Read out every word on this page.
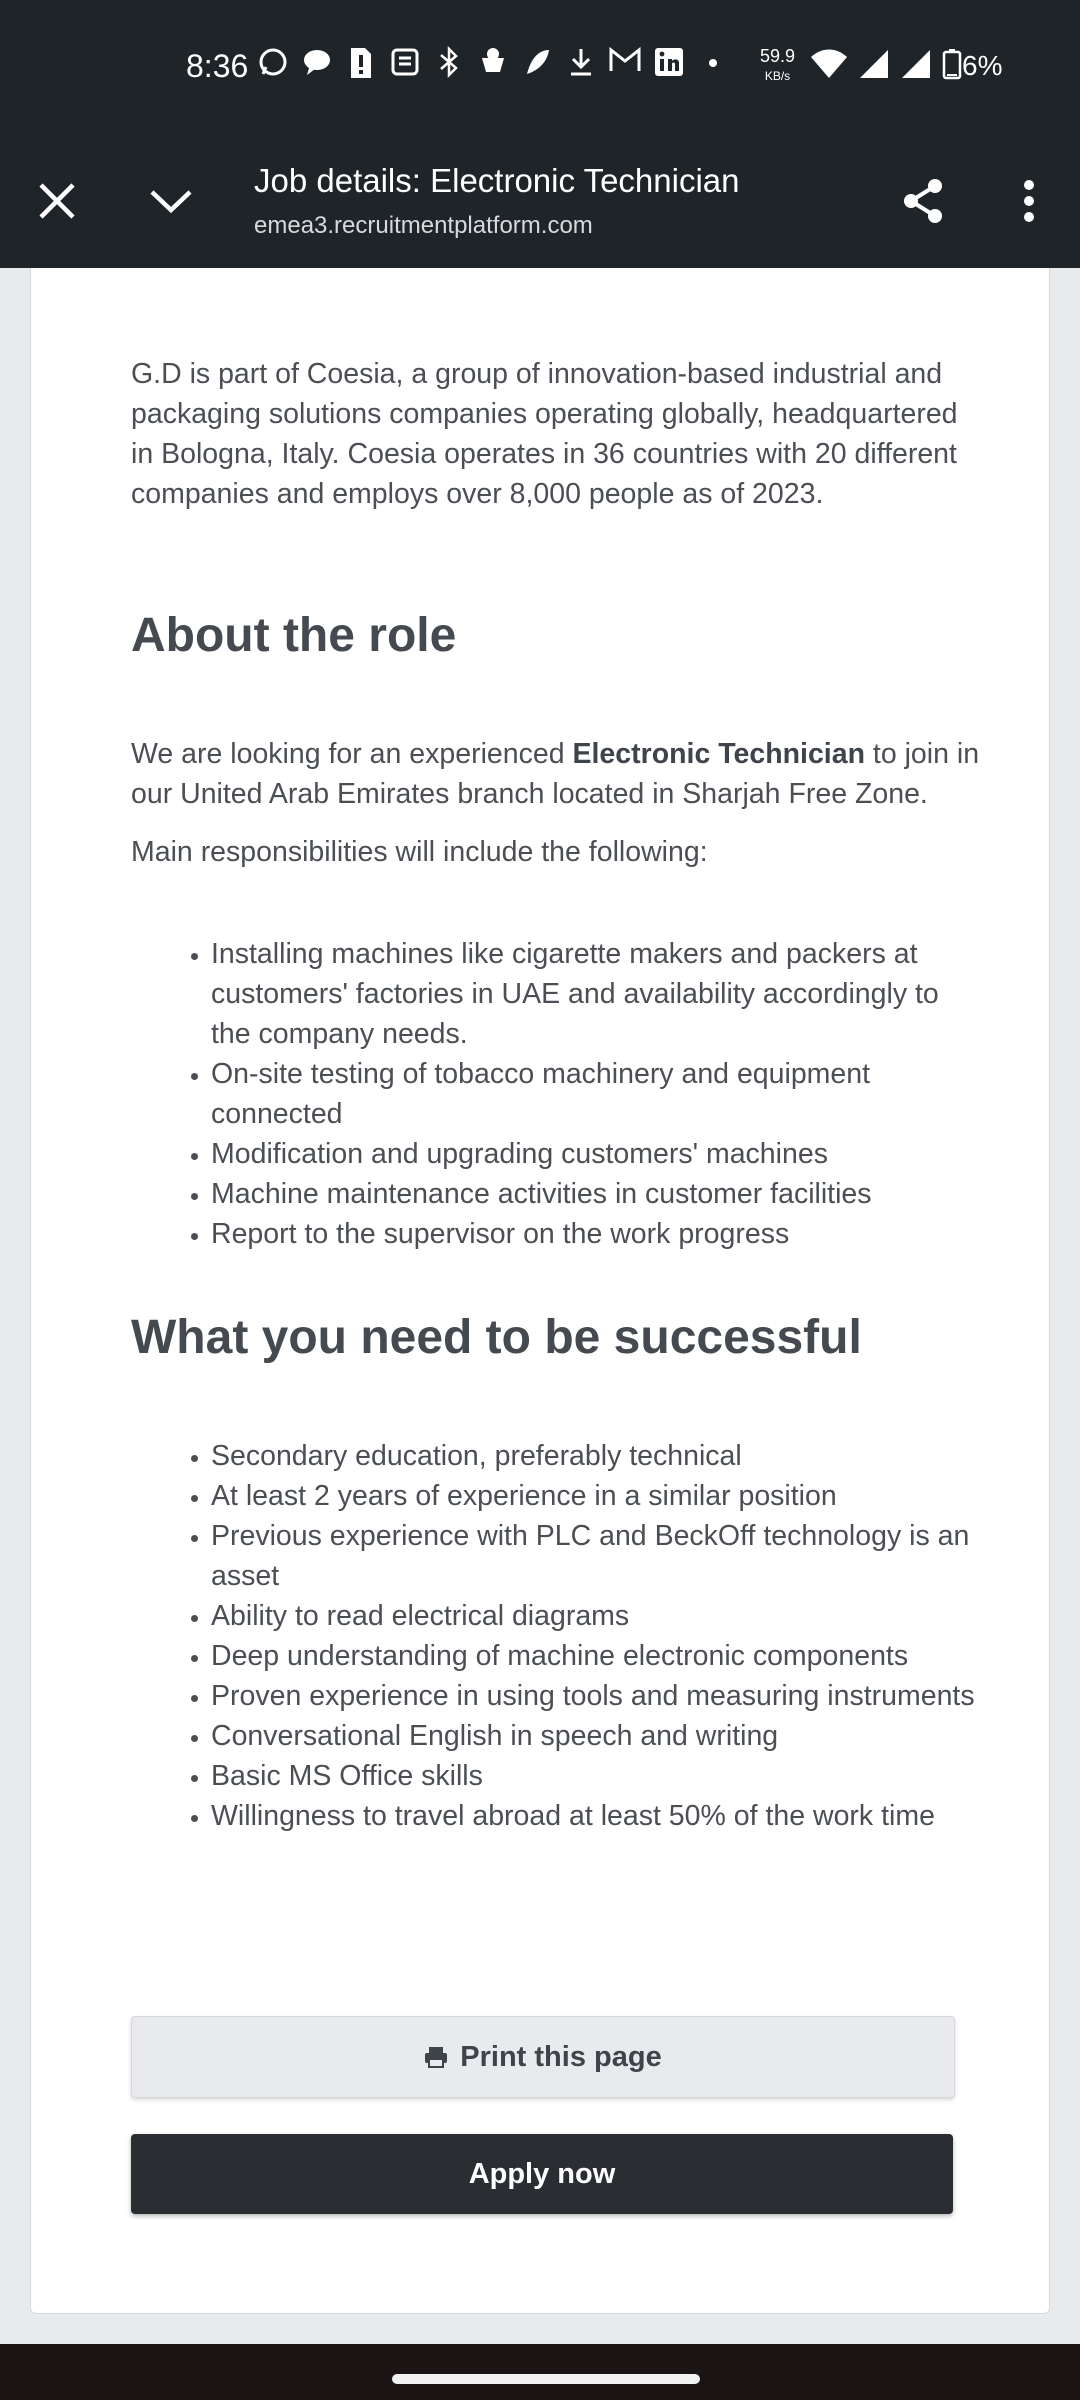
8:36	59.9
KB/s	6%
Job details: Electronic Technician
emea3.recruitmentplatform.com

G.D is part of Coesia, a group of innovation-based industrial and packaging solutions companies operating globally, headquartered in Bologna, Italy. Coesia operates in 36 countries with 20 different companies and employs over 8,000 people as of 2023.

About the role

We are looking for an experienced Electronic Technician to join in our United Arab Emirates branch located in Sharjah Free Zone.

Main responsibilities will include the following:

• Installing machines like cigarette makers and packers at customers' factories in UAE and availability accordingly to the company needs.
• On-site testing of tobacco machinery and equipment connected
• Modification and upgrading customers' machines
• Machine maintenance activities in customer facilities
• Report to the supervisor on the work progress
What you need to be successful
• Secondary education, preferably technical
• At least 2 years of experience in a similar position
• Previous experience with PLC and BeckOff technology is an asset
• Ability to read electrical diagrams
• Deep understanding of machine electronic components
• Proven experience in using tools and measuring instruments
• Conversational English in speech and writing
• Basic MS Office skills
• Willingness to travel abroad at least 50% of the work time
Print this page
Apply now
